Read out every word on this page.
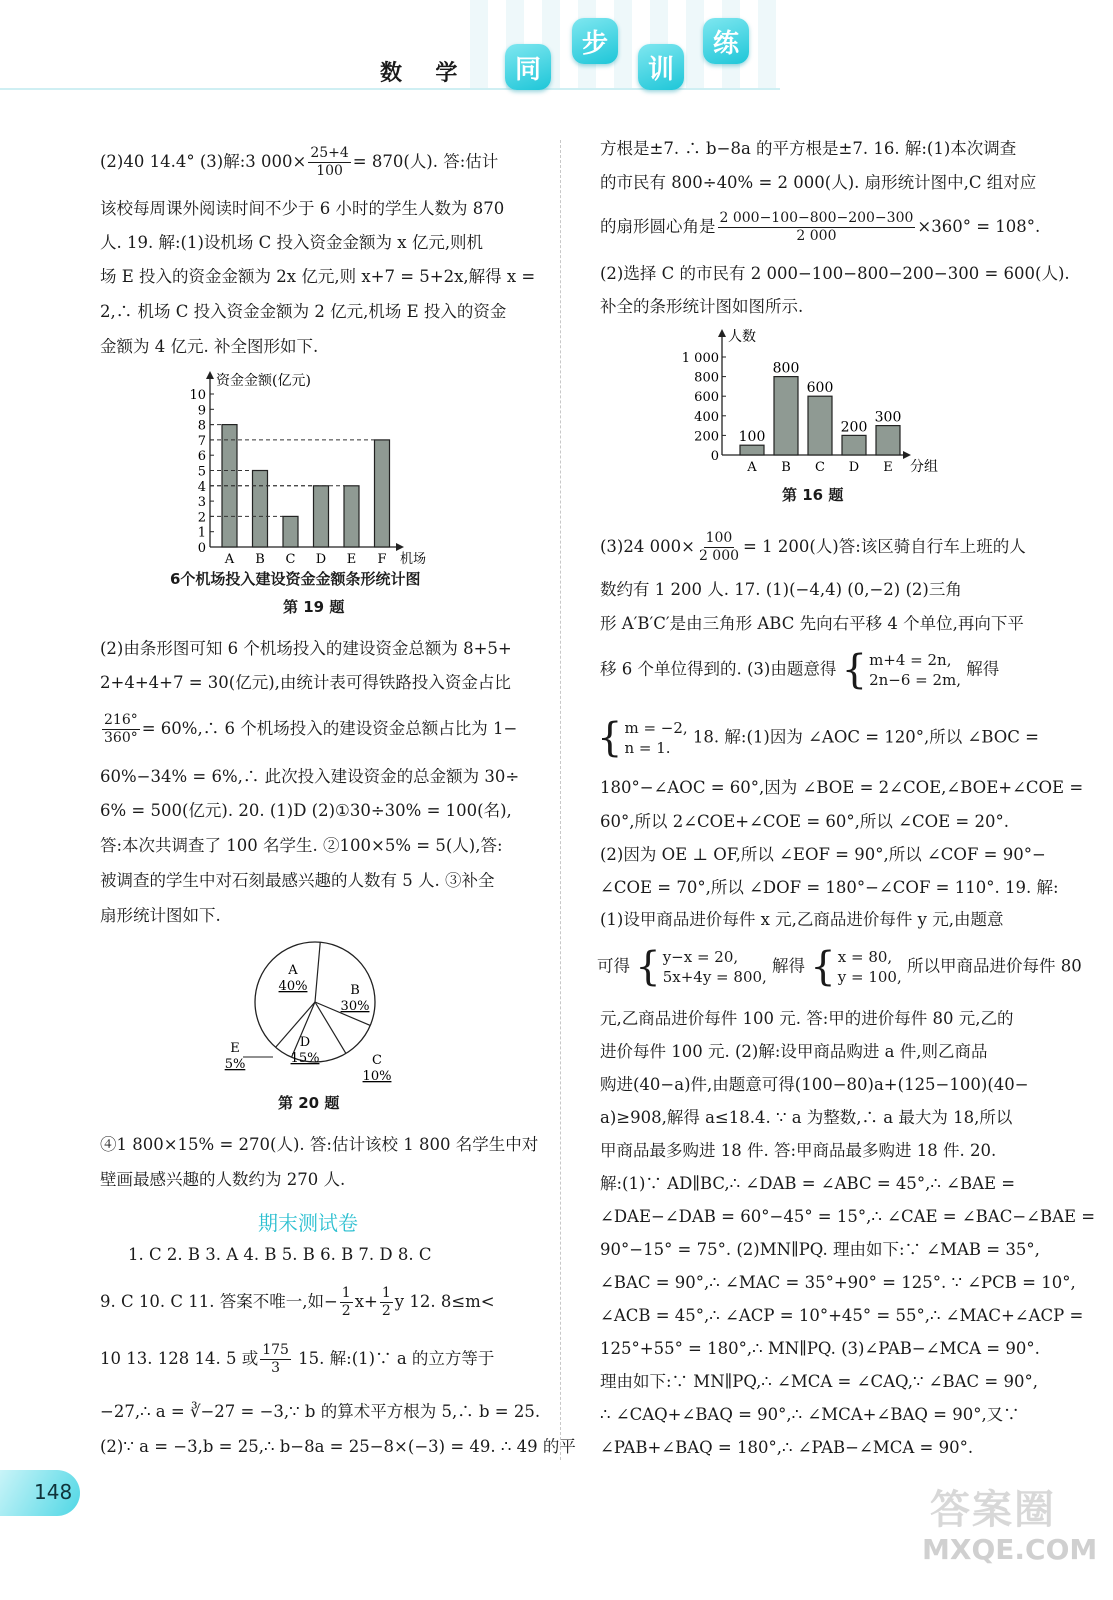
数  学	同
步
训
练
(2)40 14.4° (3)解:3 $000\times \frac{25+4}{100} = 870$(人). 答:估计
该校每周课外阅读时间不少于 6 小时的学生人数为 870
人. 19. 解:(1)设机场 C 投入资金金额为 x 亿元,则机
场 E 投入的资金金额为 2x 亿元,则 x+7 = 5+2x,解得 x =
2,∴ 机场 C 投入资金金额为 2 亿元,机场 E 投入的资金
金额为 4 亿元. 补全图形如下.
资金金额(亿元)
机场
0
1
2
3
4
5
6
7
8
9
10
A B C D E F
6个机场投入建设资金金额条形统计图
第 19 题
(2)由条形图可知 6 个机场投入的建设资金总额为 8+5+
2+4+4+7 = 30(亿元),由统计表可得铁路投入资金占比
$\frac{216^\circ}{360^\circ}$ = 60%,∴ 6 个机场投入的建设资金总额占比为 1−
60%−34% = 6%,∴ 此次投入建设资金的总金额为 30÷
6% = 500(亿元). 20. (1)D (2)①30÷30% = 100(名),
答:本次共调查了 100 名学生. ②100×5% = 5(人),答:
被调查的学生中对石刻最感兴趣的人数有 5 人. ③补全
扇形统计图如下.
A
40%	B
30%
C
10%
D
15%
E
5%
第 20 题
④1 800×15% = 270(人). 答:估计该校 1 800 名学生中对
壁画最感兴趣的人数约为 270 人.
期末测试卷
1. C 2. B 3. A 4. B 5. B 6. B 7. D 8. C
9. C 10. C 11. 答案不唯一,如− $\frac{1}{2} x+ \frac{1}{2}$ y 12. 8≤m<
10 13. 128 14. 5 或 $\frac{175}{3} 15$. 解:(1)∵ a 的立方等于
−27,∴ a = ∛−27 = −3,∵ b 的算术平方根为 5,∴ b = 25.
(2)∵ a = −3,b = 25,∴ b−8a = 25−8×(−3) = 49. ∴ 49 的平
方根是±7. ∴ b−8a 的平方根是±7. 16. 解:(1)本次调查
的市民有 800÷40% = 2 000(人). 扇形统计图中,C 组对应
的扇形圆心角是 $\frac{2 000-100-800-200-300}{2 000} \times 360^\circ = 108^\circ$.
(2)选择 C 的市民有 2 000−100−800−200−300 = 600(人).
补全的条形统计图如图所示.
人数
分组
0
200
400
600
800
1 000
100
A
800
B
600
C
200
D
300
E
第 16 题
(3)24 $000\times \frac{100}{2 000} = 1$ 200(人)答:该区骑自行车上班的人
数约有 1 200 人. 17. (1)(−4,4) (0,−2) (2)三角
形 A′B′C′是由三角形 ABC 先向右平移 4 个单位,再向下平
移 6 个单位得到的. (3)由题意得 { m+4 = 2n,
2n−6 = 2m,
解得
{ m = −2,
n = 1.
18. 解:(1)因为 ∠AOC = 120°,所以 ∠BOC =
180°−∠AOC = 60°,因为 ∠BOE = 2∠COE,∠BOE+∠COE =
60°,所以 2∠COE+∠COE = 60°,所以 ∠COE = 20°.
(2)因为 OE ⊥ OF,所以 ∠EOF = 90°,所以 ∠COF = 90°−
∠COE = 70°,所以 ∠DOF = 180°−∠COF = 110°. 19. 解:
(1)设甲商品进价每件 x 元,乙商品进价每件 y 元,由题意
可得 { y−x = 20,
5x+4y = 800,
解得 { x = 80,
y = 100,
所以甲商品进价每件 80
元,乙商品进价每件 100 元. 答:甲的进价每件 80 元,乙的
进价每件 100 元. (2)解:设甲商品购进 a 件,则乙商品
购进(40−a)件,由题意可得(100−80)a+(125−100)(40−
a)≥908,解得 a≤18.4. ∵ a 为整数,∴ a 最大为 18,所以
甲商品最多购进 18 件. 答:甲商品最多购进 18 件. 20.
解:(1)∵ AD∥BC,∴ ∠DAB = ∠ABC = 45°,∴ ∠BAE =
∠DAE−∠DAB = 60°−45° = 15°,∴ ∠CAE = ∠BAC−∠BAE =
90°−15° = 75°. (2)MN∥PQ. 理由如下:∵ ∠MAB = 35°,
∠BAC = 90°,∴ ∠MAC = 35°+90° = 125°. ∵ ∠PCB = 10°,
∠ACB = 45°,∴ ∠ACP = 10°+45° = 55°,∴ ∠MAC+∠ACP =
125°+55° = 180°,∴ MN∥PQ. (3)∠PAB−∠MCA = 90°.
理由如下:∵ MN∥PQ,∴ ∠MCA = ∠CAQ,∵ ∠BAC = 90°,
∴ ∠CAQ+∠BAQ = 90°,∴ ∠MCA+∠BAQ = 90°,又∵
∠PAB+∠BAQ = 180°,∴ ∠PAB−∠MCA = 90°.
148	答案圈
MXQE.COM
